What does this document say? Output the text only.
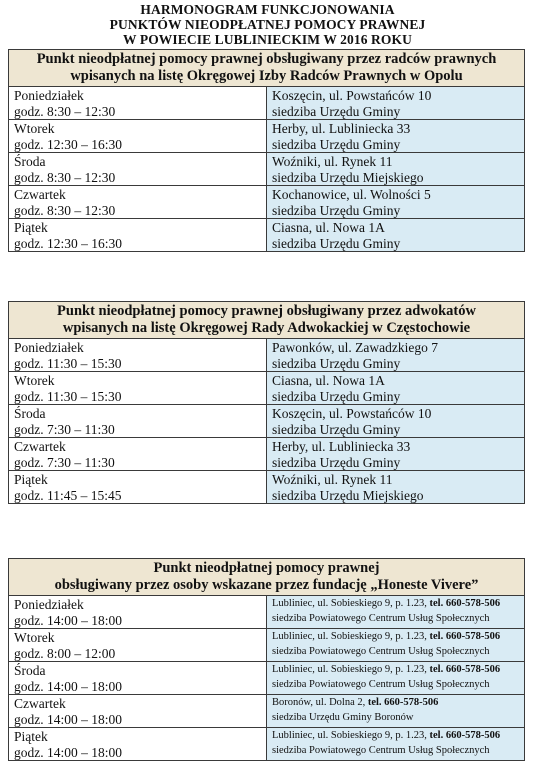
HARMONOGRAM FUNKCJONOWANIA
PUNKTÓW NIEODPŁATNEJ POMOCY PRAWNEJ
W POWIECIE LUBLINIECKIM W 2016 ROKU
Punkt nieodpłatnej pomocy prawnej obsługiwany przez radców prawnych
wpisanych na listę Okręgowej Izby Radców Prawnych w Opolu	

Poniedziałek
godz. 8:30 – 12:30	Koszęcin, ul. Powstańców 10
siedziba Urzędu Gminy

Wtorek
godz. 12:30 – 16:30	Herby, ul. Lubliniecka 33
siedziba Urzędu Gminy

Środa
godz. 8:30 – 12:30	Woźniki, ul. Rynek 11
siedziba Urzędu Miejskiego

Czwartek
godz. 8:30 – 12:30	Kochanowice, ul. Wolności 5
siedziba Urzędu Gminy

Piątek
godz. 12:30 – 16:30	Ciasna, ul. Nowa 1A
siedziba Urzędu Gminy
Punkt nieodpłatnej pomocy prawnej obsługiwany przez adwokatów
wpisanych na listę Okręgowej Rady Adwokackiej w Częstochowie	

Poniedziałek
godz. 11:30 – 15:30	Pawonków, ul. Zawadzkiego 7
siedziba Urzędu Gminy

Wtorek
godz. 11:30 – 15:30	Ciasna, ul. Nowa 1A
siedziba Urzędu Gminy

Środa
godz. 7:30 – 11:30	Koszęcin, ul. Powstańców 10
siedziba Urzędu Gminy

Czwartek
godz. 7:30 – 11:30	Herby, ul. Lubliniecka 33
siedziba Urzędu Gminy

Piątek
godz. 11:45 – 15:45	Woźniki, ul. Rynek 11
siedziba Urzędu Miejskiego
Punkt nieodpłatnej pomocy prawnej
obsługiwany przez osoby wskazane przez fundację „Honeste Vivere”	

Poniedziałek
godz. 14:00 – 18:00	Lubliniec, ul. Sobieskiego 9, p. 1.23, tel. 660-578-506
siedziba Powiatowego Centrum Usług Społecznych

Wtorek
godz. 8:00 – 12:00	Lubliniec, ul. Sobieskiego 9, p. 1.23, tel. 660-578-506
siedziba Powiatowego Centrum Usług Społecznych

Środa
godz. 14:00 – 18:00	Lubliniec, ul. Sobieskiego 9, p. 1.23, tel. 660-578-506
siedziba Powiatowego Centrum Usług Społecznych

Czwartek
godz. 14:00 – 18:00	Boronów, ul. Dolna 2, tel. 660-578-506
siedziba Urzędu Gminy Boronów

Piątek
godz. 14:00 – 18:00	Lubliniec, ul. Sobieskiego 9, p. 1.23, tel. 660-578-506
siedziba Powiatowego Centrum Usług Społecznych
